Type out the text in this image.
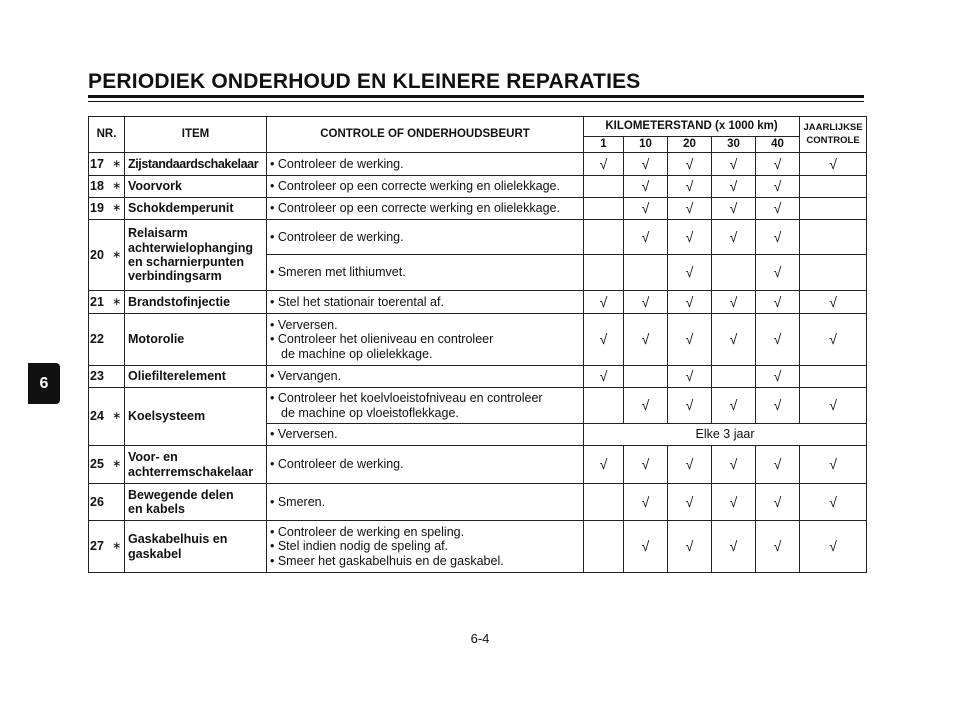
PERIODIEK ONDERHOUD EN KLEINERE REPARATIES
6
NR.		ITEM	CONTROLE OF ONDERHOUDSBEURT	KILOMETERSTAND (x 1000 km)					JAARLIJKSE
CONTROLE
				1	10	20	30	40	
17	∗	Zijstandaardschakelaar	• Controleer de werking.	√	√	√	√	√	√
18	∗	Voorvork	• Controleer op een correcte werking en olielekkage.		√	√	√	√	
19	∗	Schokdemperunit	• Controleer op een correcte werking en olielekkage.		√	√	√	√	
20	∗	Relaisarm
achterwielophanging
en scharnierpunten
verbindingsarm	• Controleer de werking.		√	√	√	√	
			• Smeren met lithiumvet.			√		√	
21	∗	Brandstofinjectie	• Stel het stationair toerental af.	√	√	√	√	√	√
22		Motorolie	• Verversen.
• Controleer het olieniveau en controleer
de machine op olielekkage.	√	√	√	√	√	√
23		Oliefilterelement	• Vervangen.	√		√		√	
24	∗	Koelsysteem	• Controleer het koelvloeistofniveau en controleer
de machine op vloeistoflekkage.		√	√	√	√	√
			• Verversen.	Elke 3 jaar					
25	∗	Voor- en
achterremschakelaar	• Controleer de werking.	√	√	√	√	√	√
26		Bewegende delen
en kabels	• Smeren.		√	√	√	√	√
27	∗	Gaskabelhuis en
gaskabel	• Controleer de werking en speling.
• Stel indien nodig de speling af.
• Smeer het gaskabelhuis en de gaskabel.		√	√	√	√	√
6-4
